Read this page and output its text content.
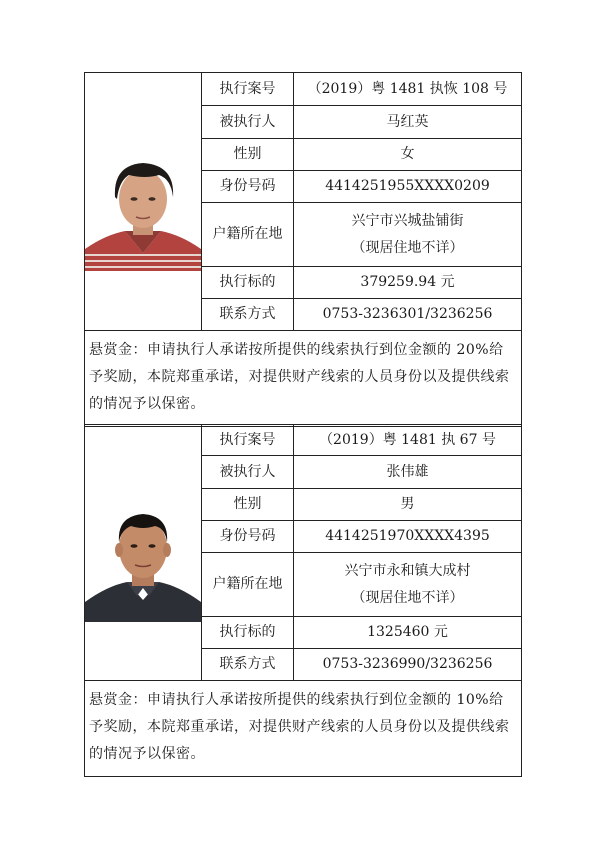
	执行案号	（2019）粤 1481 执恢 108 号
	被执行人	马红英
	性别	女
	身份号码	4414251955XXXX0209
	户籍所在地	兴宁市兴城盐铺街
（现居住地不详）

	执行标的	379259.94 元
	联系方式	0753-3236301/3236256
悬赏金：申请执行人承诺按所提供的线索执行到位金额的 20%给予奖励，本院郑重承诺，对提供财产线索的人员身份以及提供线索的情况予以保密。		
	执行案号	（2019）粤 1481 执 67 号
	被执行人	张伟雄
	性别	男
	身份号码	4414251970XXXX4395
	户籍所在地	兴宁市永和镇大成村
（现居住地不详）

	执行标的	1325460 元
	联系方式	0753-3236990/3236256
悬赏金：申请执行人承诺按所提供的线索执行到位金额的 10%给予奖励，本院郑重承诺，对提供财产线索的人员身份以及提供线索的情况予以保密。		
